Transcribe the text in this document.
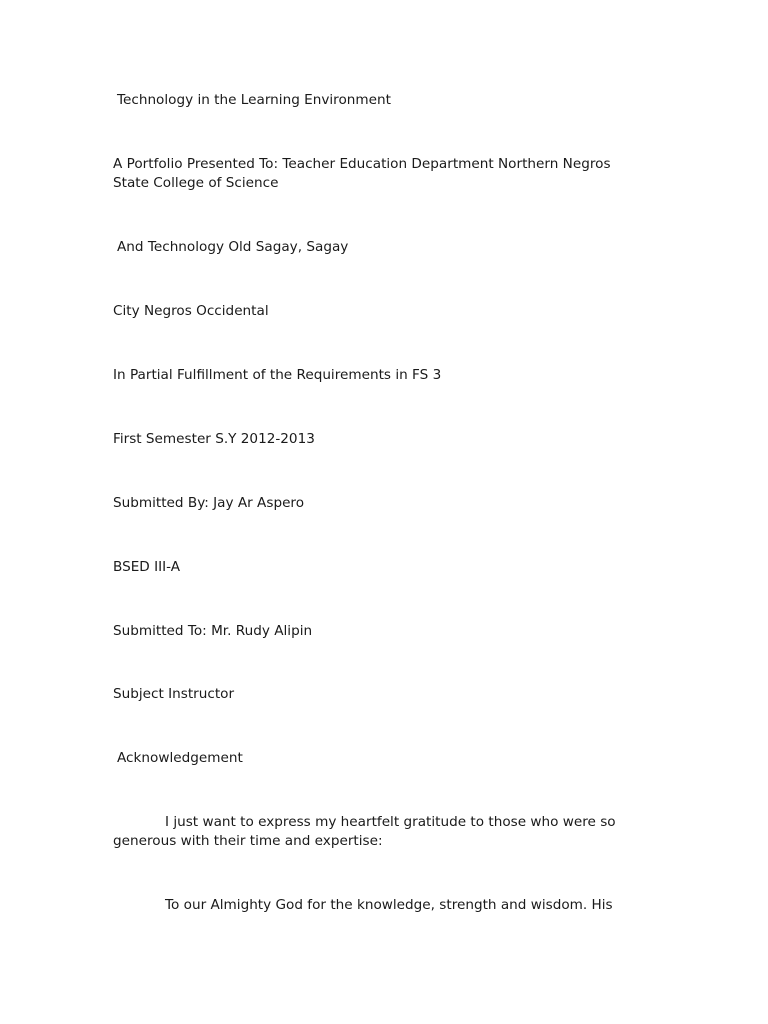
Technology in the Learning Environment

A Portfolio Presented To: Teacher Education Department Northern Negros State College of Science

And Technology Old Sagay, Sagay

City Negros Occidental

In Partial Fulfillment of the Requirements in FS 3

First Semester S.Y 2012-2013

Submitted By: Jay Ar Aspero

BSED III-A

Submitted To: Mr. Rudy Alipin

Subject Instructor

Acknowledgement

I just want to express my heartfelt gratitude to those who were so generous with their time and expertise:

To our Almighty God for the knowledge, strength and wisdom. His
